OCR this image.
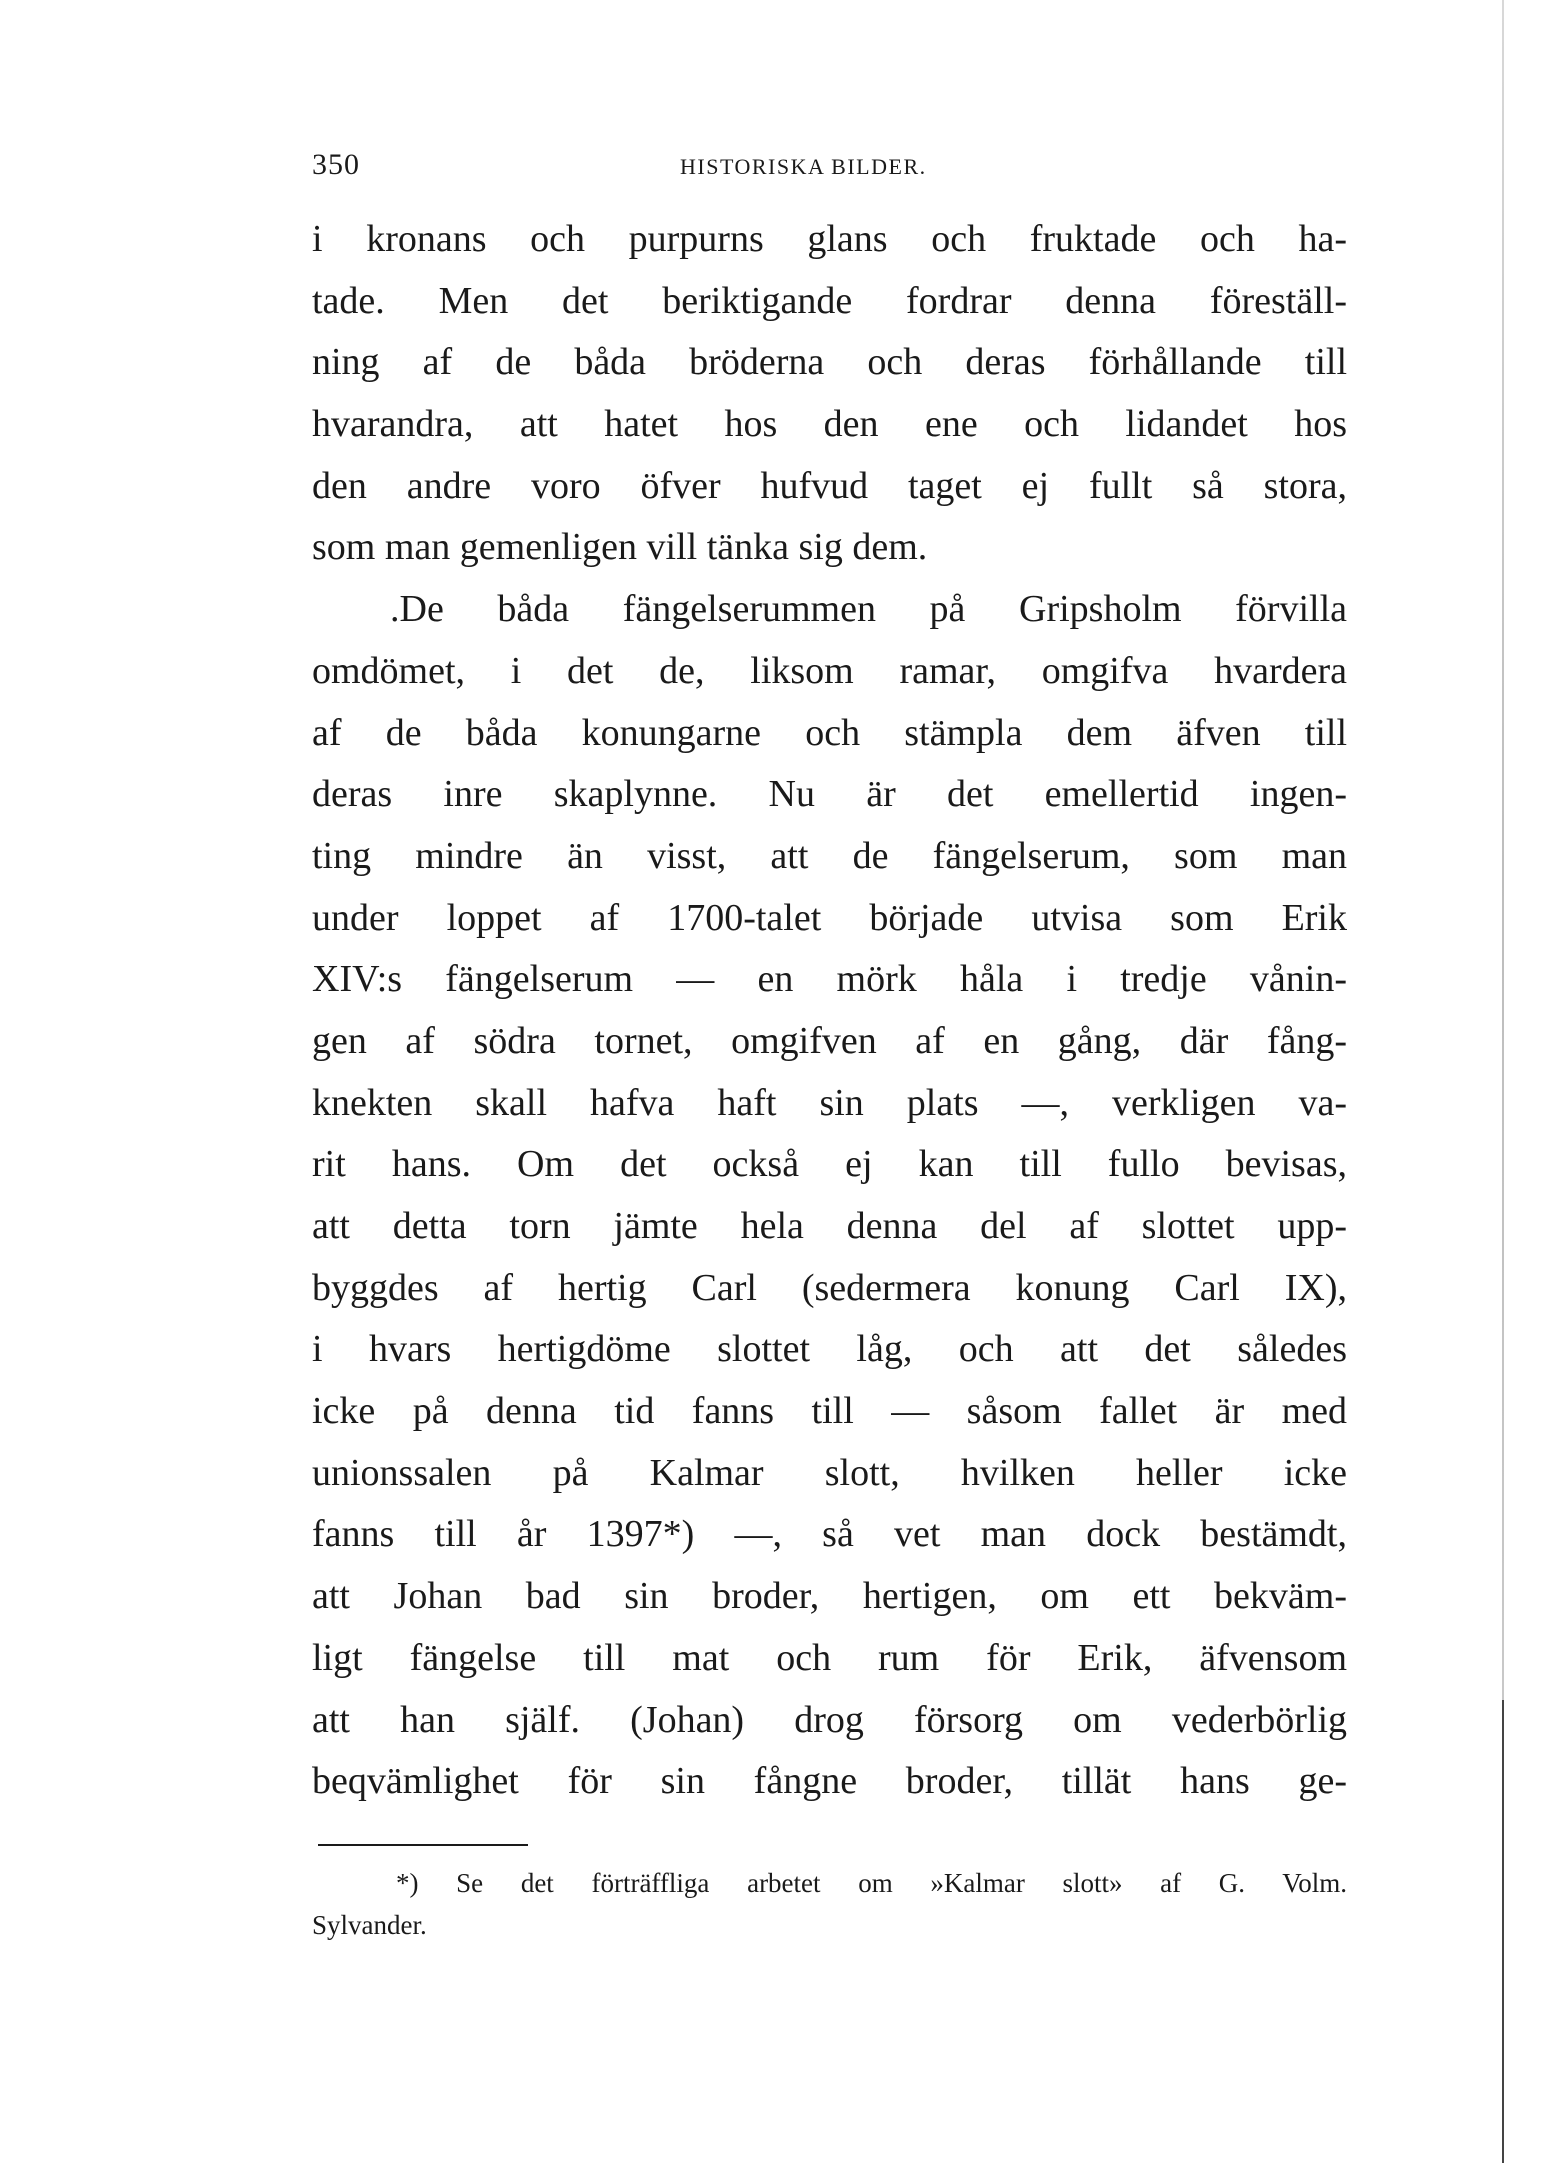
350	HISTORISKA BILDER.
i kronans och purpurns glans och fruktade och ha-
tade. Men det beriktigande fordrar denna föreställ-
ning af de båda bröderna och deras förhållande till
hvarandra, att hatet hos den ene och lidandet hos
den andre voro öfver hufvud taget ej fullt så stora,
som man gemenligen vill tänka sig dem.
.De båda fängelserummen på Gripsholm förvilla
omdömet, i det de, liksom ramar, omgifva hvardera
af de båda konungarne och stämpla dem äfven till
deras inre skaplynne. Nu är det emellertid ingen-
ting mindre än visst, att de fängelserum, som man
under loppet af 1700-talet började utvisa som Erik
XIV:s fängelserum — en mörk håla i tredje vånin-
gen af södra tornet, omgifven af en gång, där fång-
knekten skall hafva haft sin plats —, verkligen va-
rit hans. Om det också ej kan till fullo bevisas,
att detta torn jämte hela denna del af slottet upp-
byggdes af hertig Carl (sedermera konung Carl IX),
i hvars hertigdöme slottet låg, och att det således
icke på denna tid fanns till — såsom fallet är med
unionssalen på Kalmar slott, hvilken heller icke
fanns till år 1397*) —, så vet man dock bestämdt,
att Johan bad sin broder, hertigen, om ett bekväm-
ligt fängelse till mat och rum för Erik, äfvensom
att han själf. (Johan) drog försorg om vederbörlig
beqvämlighet för sin fångne broder, tillät hans ge-
*) Se det förträffliga arbetet om »Kalmar slott» af G. Volm.
Sylvander.
